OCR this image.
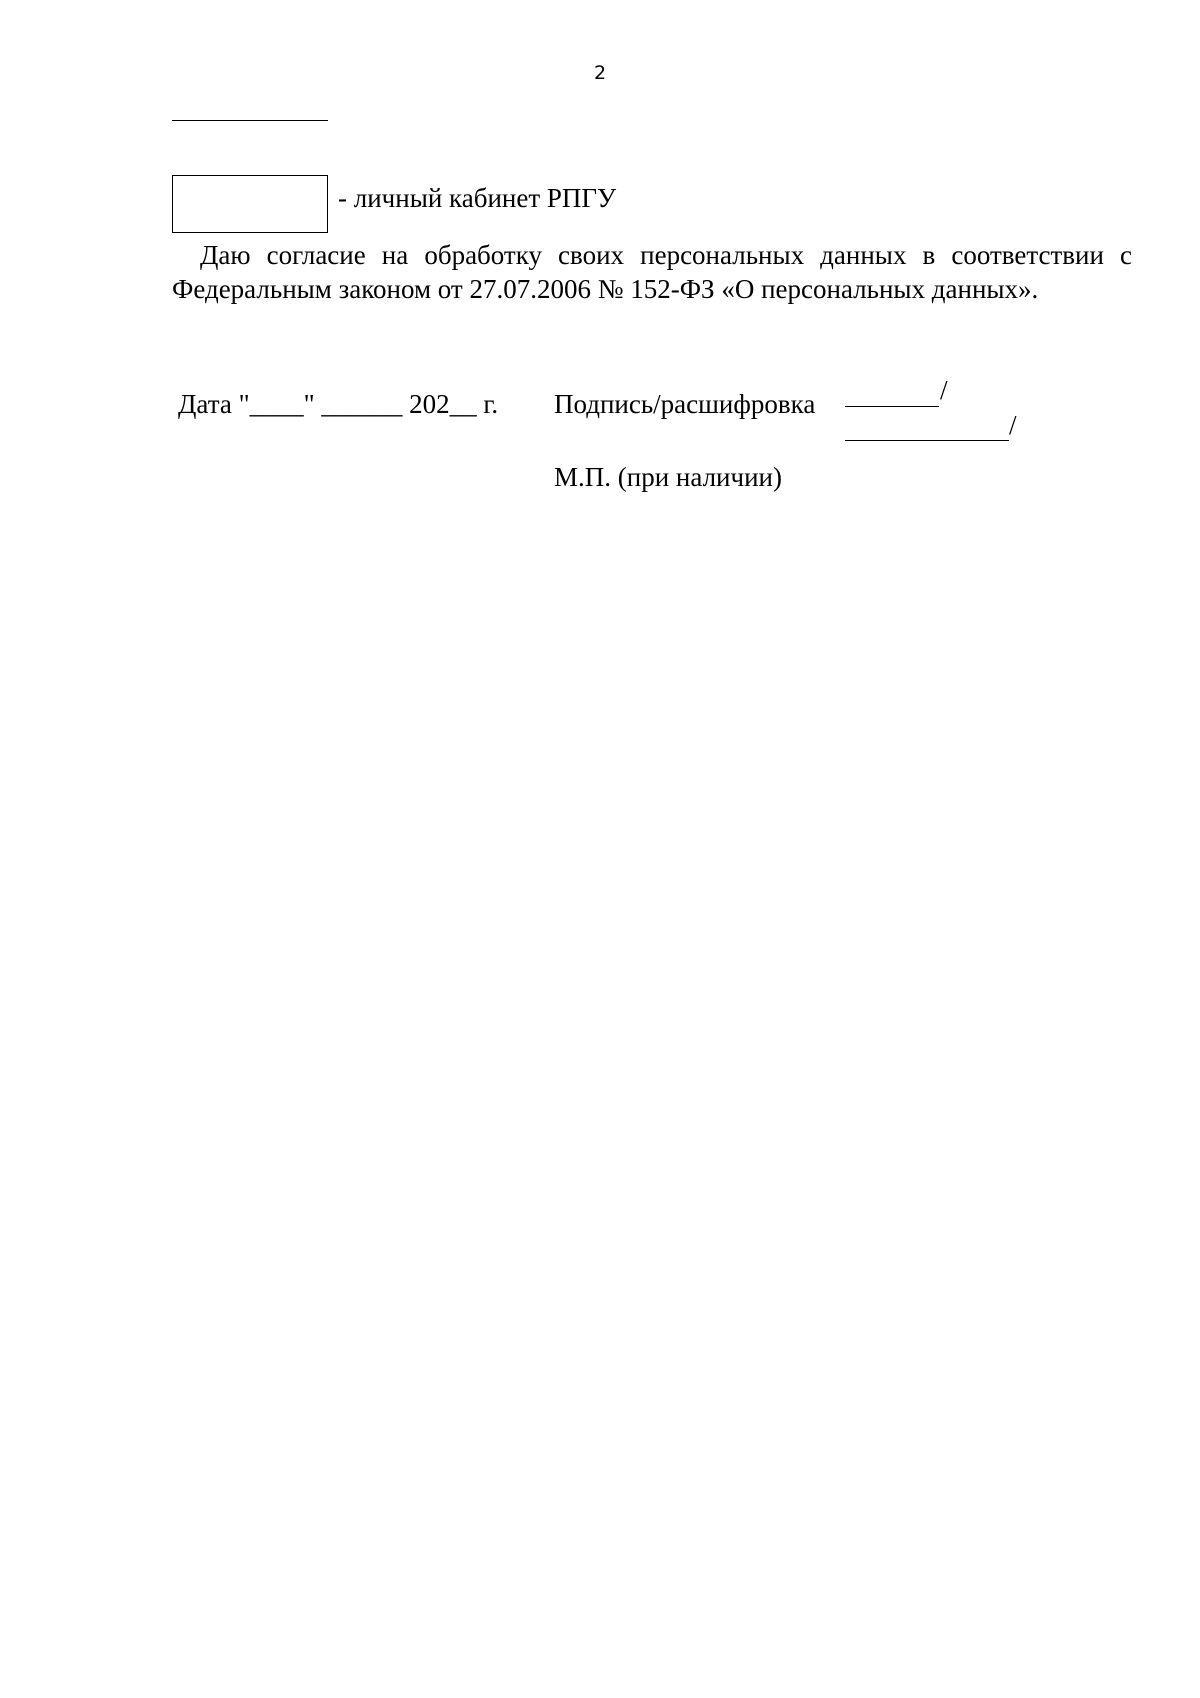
2
- личный кабинет РПГУ

Даю согласие на обработку своих персональных данных в соответствии с Федеральным законом от 27.07.2006 № 152-ФЗ «О персональных данных».

Дата "____" ______ 202__ г. Подпись/расшифровка	/
/
М.П. (при наличии)
